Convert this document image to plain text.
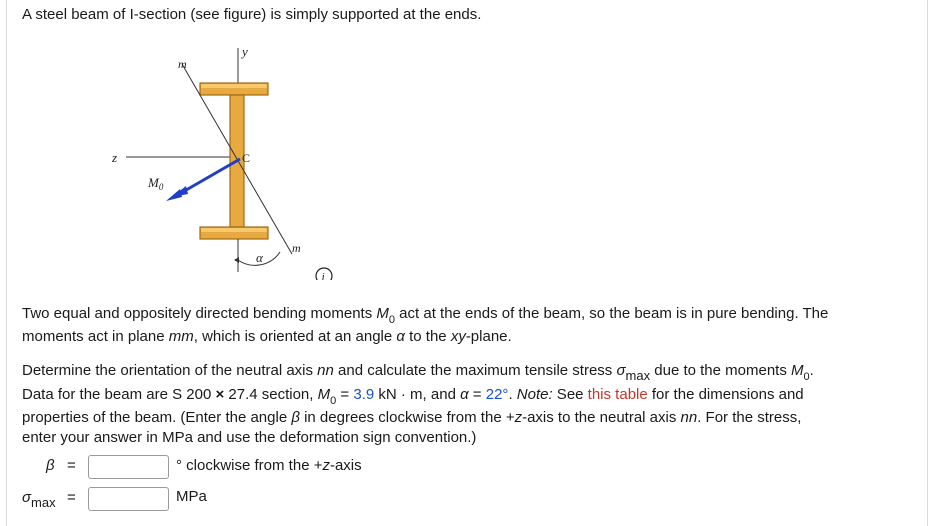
A steel beam of I-section (see figure) is simply supported at the ends.
y
z
m
m
C
$M_0$
α
i
Two equal and oppositely directed bending moments $M_0$ act at the ends of the beam, so the beam is in pure bending. The
moments act in plane mm, which is oriented at an angle α to the xy-plane.
Determine the orientation of the neutral axis nn and calculate the maximum tensile stress σmax due to the moments $M_0$.
Data for the beam are S 200 × 27.4 section, $M_0 = 3.9$ kN · m, and α = 22°. Note: See this table for the dimensions and
properties of the beam. (Enter the angle β in degrees clockwise from the +z-axis to the neutral axis nn. For the stress,
enter your answer in MPa and use the deformation sign convention.)
β =	° clockwise from the +z-axis
σmax =	MPa
